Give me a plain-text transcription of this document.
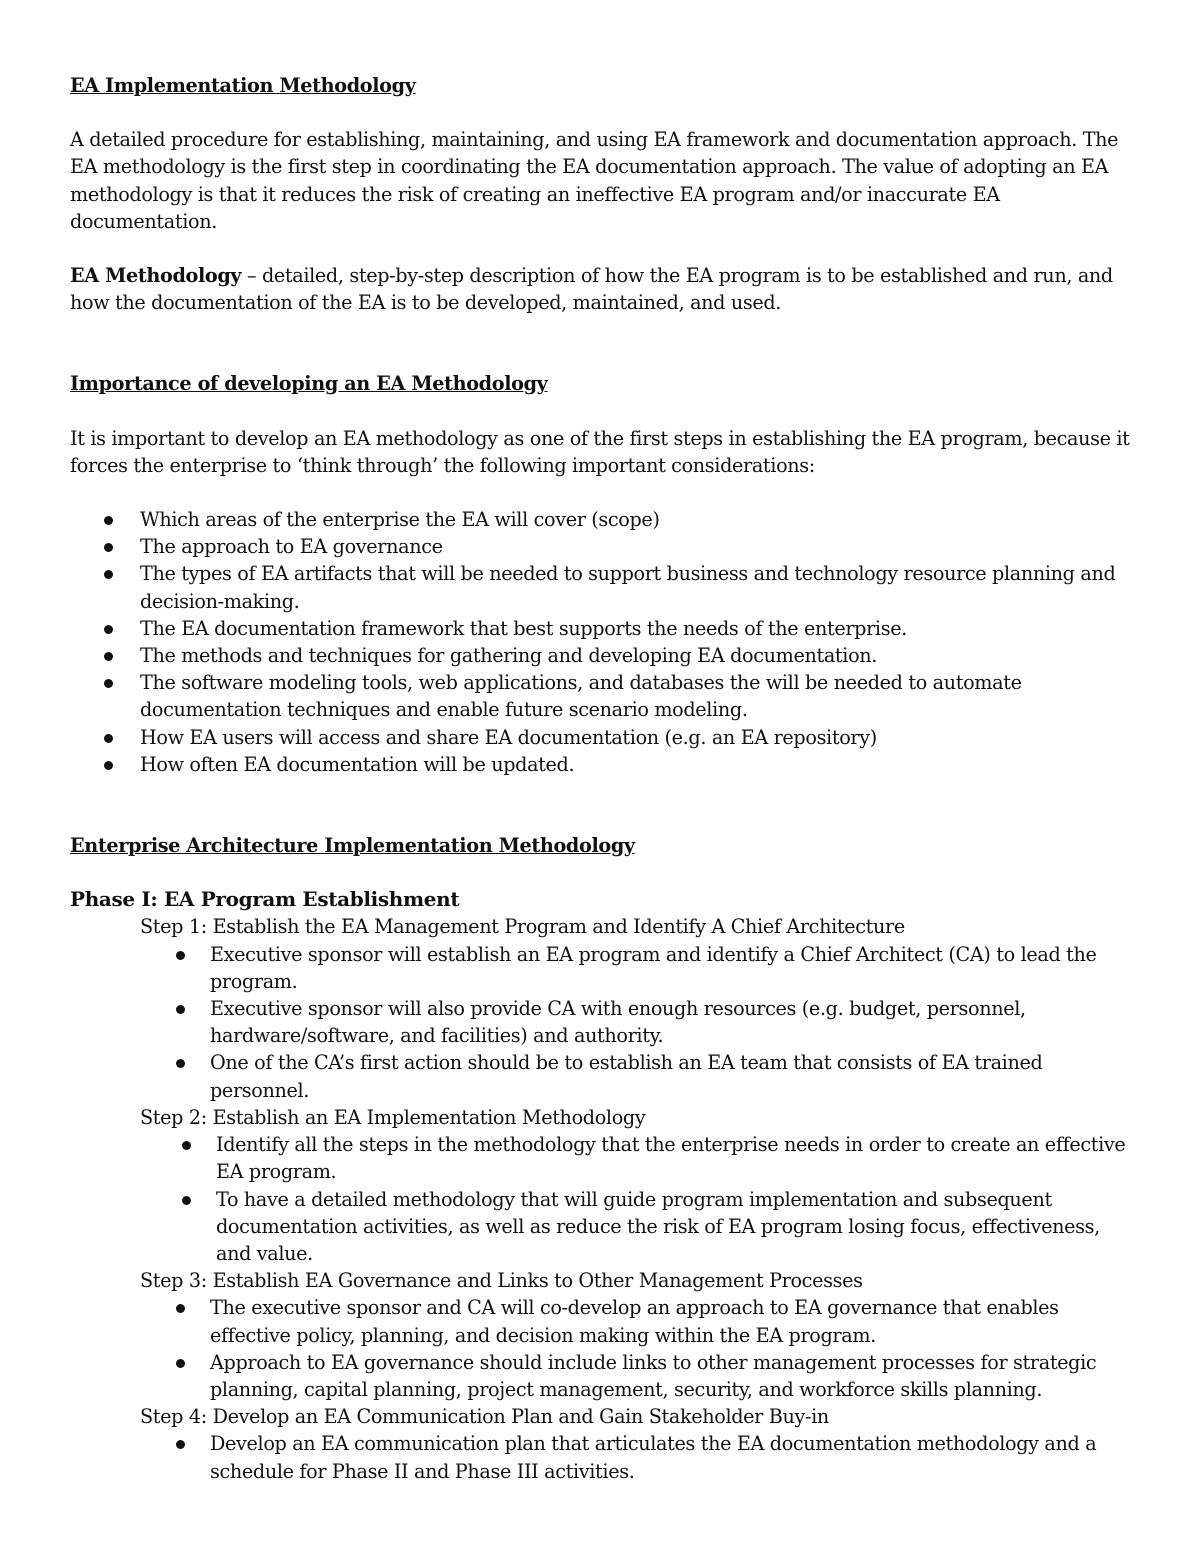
EA Implementation Methodology

A detailed procedure for establishing, maintaining, and using EA framework and documentation approach. The EA methodology is the first step in coordinating the EA documentation approach. The value of adopting an EA methodology is that it reduces the risk of creating an ineffective EA program and/or inaccurate EA documentation.

EA Methodology – detailed, step-by-step description of how the EA program is to be established and run, and how the documentation of the EA is to be developed, maintained, and used.

Importance of developing an EA Methodology

It is important to develop an EA methodology as one of the first steps in establishing the EA program, because it forces the enterprise to ‘think through’ the following important considerations:

Which areas of the enterprise the EA will cover (scope)
The approach to EA governance
The types of EA artifacts that will be needed to support business and technology resource planning and decision-making.
The EA documentation framework that best supports the needs of the enterprise.
The methods and techniques for gathering and developing EA documentation.
The software modeling tools, web applications, and databases the will be needed to automate documentation techniques and enable future scenario modeling.
How EA users will access and share EA documentation (e.g. an EA repository)
How often EA documentation will be updated.

Enterprise Architecture Implementation Methodology

Phase I: EA Program Establishment

Step 1: Establish the EA Management Program and Identify A Chief Architecture

Executive sponsor will establish an EA program and identify a Chief Architect (CA) to lead the program.
Executive sponsor will also provide CA with enough resources (e.g. budget, personnel, hardware/software, and facilities) and authority.
One of the CA’s first action should be to establish an EA team that consists of EA trained personnel.

Step 2: Establish an EA Implementation Methodology

Identify all the steps in the methodology that the enterprise needs in order to create an effective EA program.
To have a detailed methodology that will guide program implementation and subsequent documentation activities, as well as reduce the risk of EA program losing focus, effectiveness, and value.

Step 3: Establish EA Governance and Links to Other Management Processes

The executive sponsor and CA will co-develop an approach to EA governance that enables effective policy, planning, and decision making within the EA program.
Approach to EA governance should include links to other management processes for strategic planning, capital planning, project management, security, and workforce skills planning.

Step 4: Develop an EA Communication Plan and Gain Stakeholder Buy-in

Develop an EA communication plan that articulates the EA documentation methodology and a schedule for Phase II and Phase III activities.
